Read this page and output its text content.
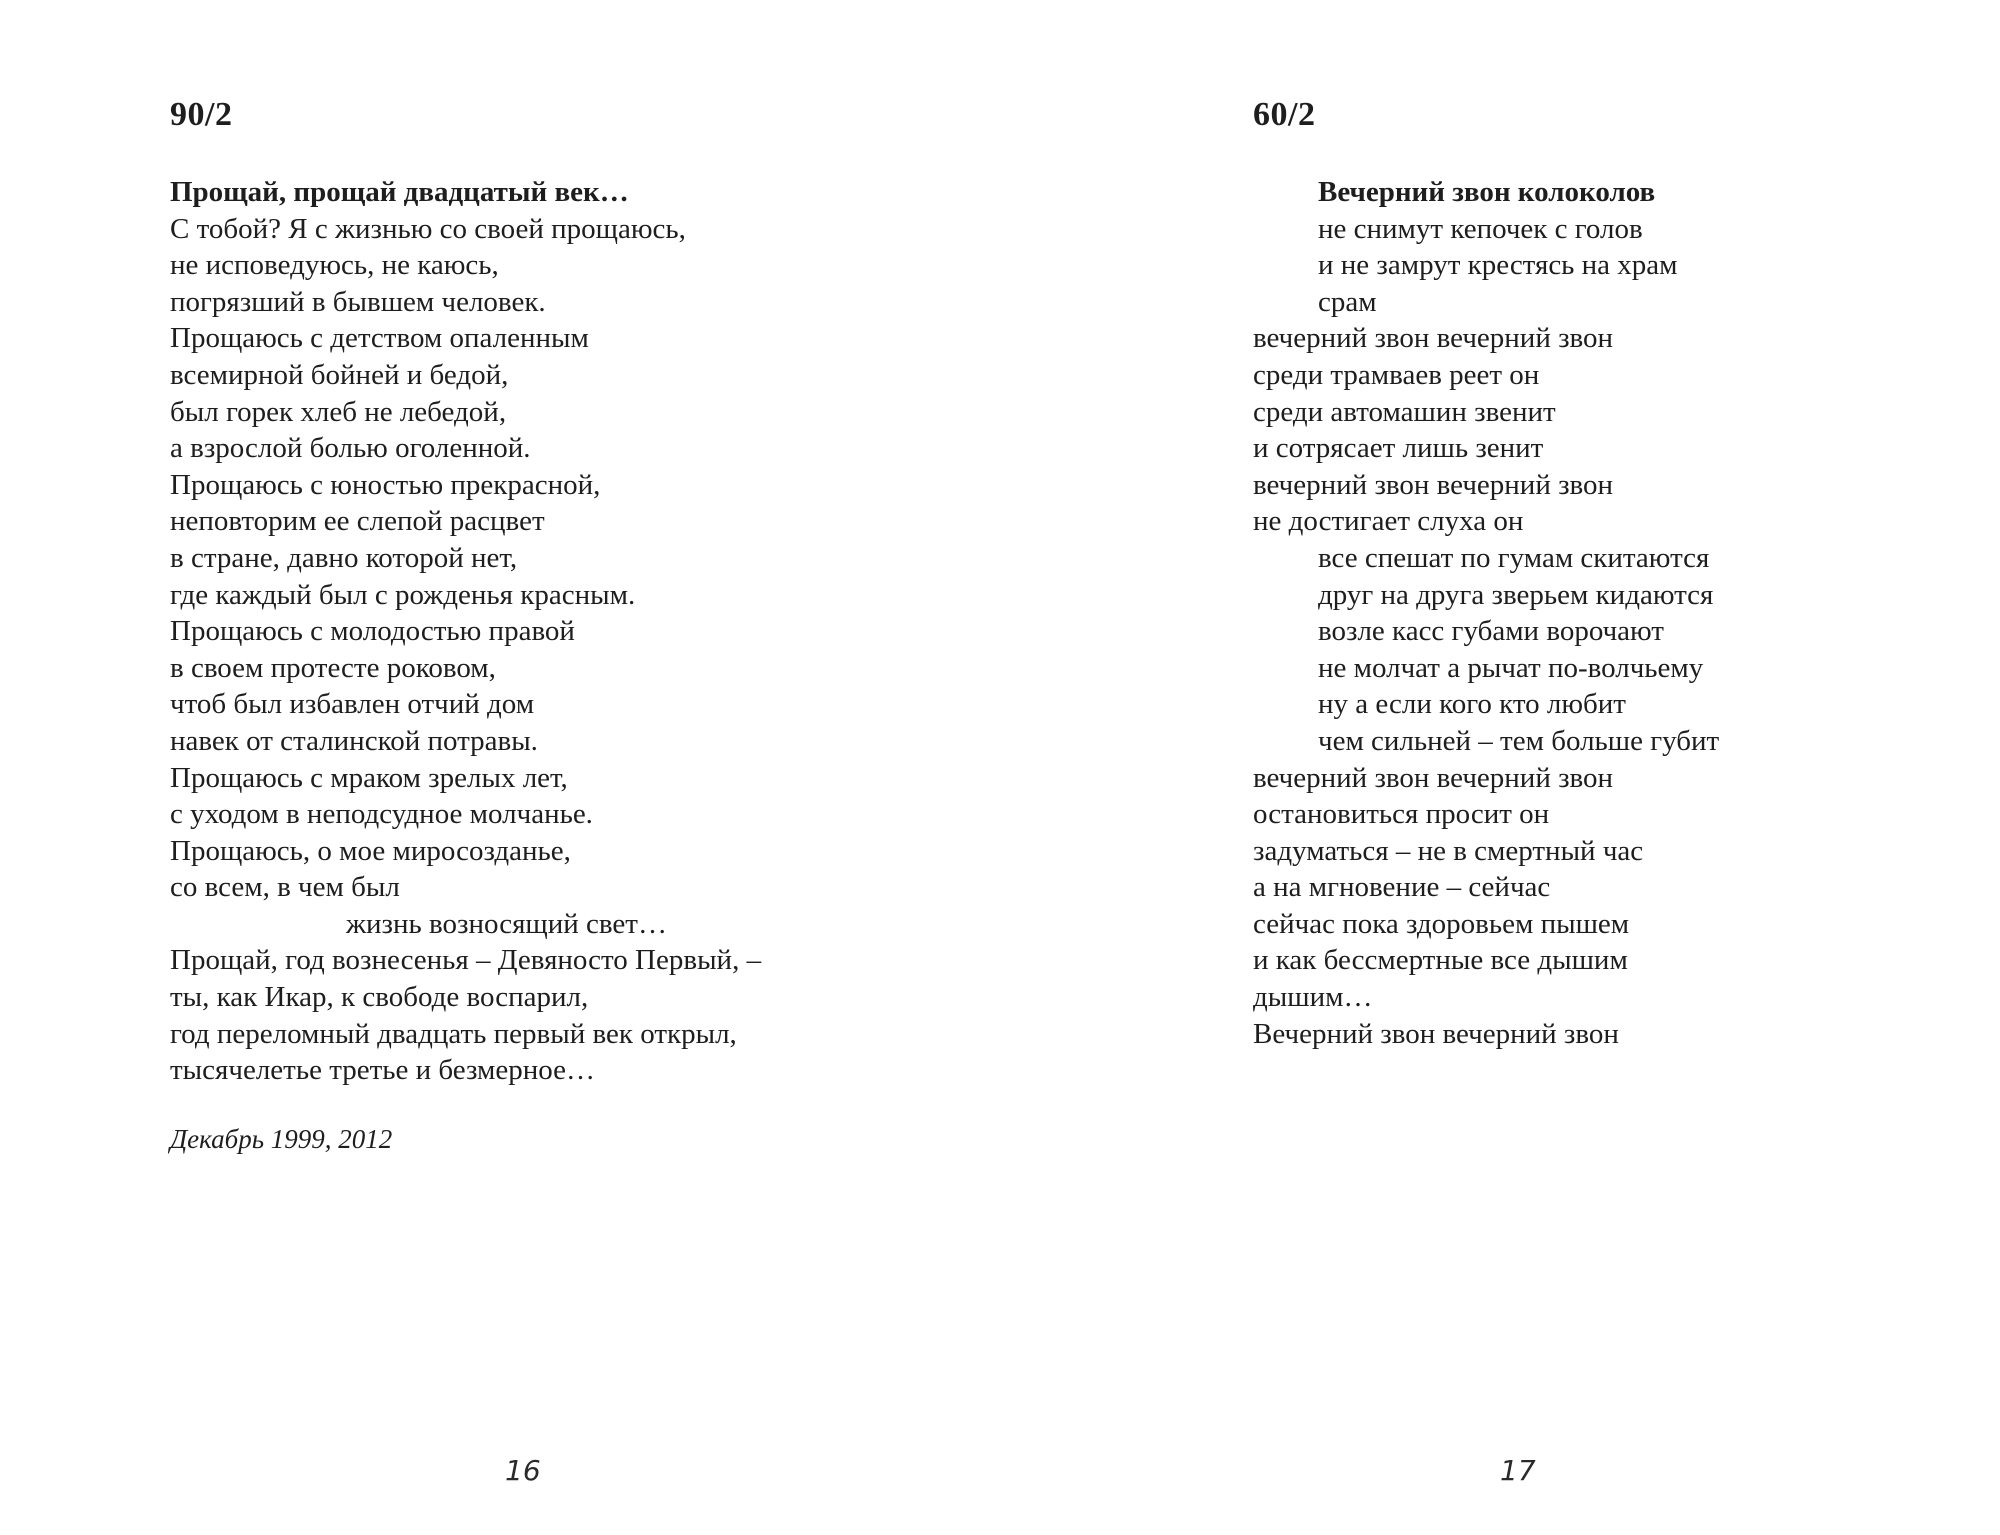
90/2
Прощай, прощай двадцатый век…
С тобой? Я с жизнью со своей прощаюсь,
не исповедуюсь, не каюсь,
погрязший в бывшем человек.
Прощаюсь с детством опаленным
всемирной бойней и бедой,
был горек хлеб не лебедой,
а взрослой болью оголенной.
Прощаюсь с юностью прекрасной,
неповторим ее слепой расцвет
в стране, давно которой нет,
где каждый был с рожденья красным.
Прощаюсь с молодостью правой
в своем протесте роковом,
чтоб был избавлен отчий дом
навек от сталинской потравы.
Прощаюсь с мраком зрелых лет,
с уходом в неподсудное молчанье.
Прощаюсь, о мое миросозданье,
со всем, в чем был
жизнь возносящий свет…
Прощай, год вознесенья – Девяносто Первый, –
ты, как Икар, к свободе воспарил,
год переломный двадцать первый век открыл,
тысячелетье третье и безмерное…

Декабрь 1999, 2012

16
60/2
Вечерний звон колоколов
не снимут кепочек с голов
и не замрут крестясь на храм
срам
вечерний звон вечерний звон
среди трамваев реет он
среди автомашин звенит
и сотрясает лишь зенит
вечерний звон вечерний звон
не достигает слуха он
все спешат по гумам скитаются
друг на друга зверьем кидаются
возле касс губами ворочают
не молчат а рычат по-волчьему
ну а если кого кто любит
чем сильней – тем больше губит
вечерний звон вечерний звон
остановиться просит он
задуматься – не в смертный час
а на мгновение – сейчас
сейчас пока здоровьем пышем
и как бессмертные все дышим
дышим…
Вечерний звон вечерний звон
17
